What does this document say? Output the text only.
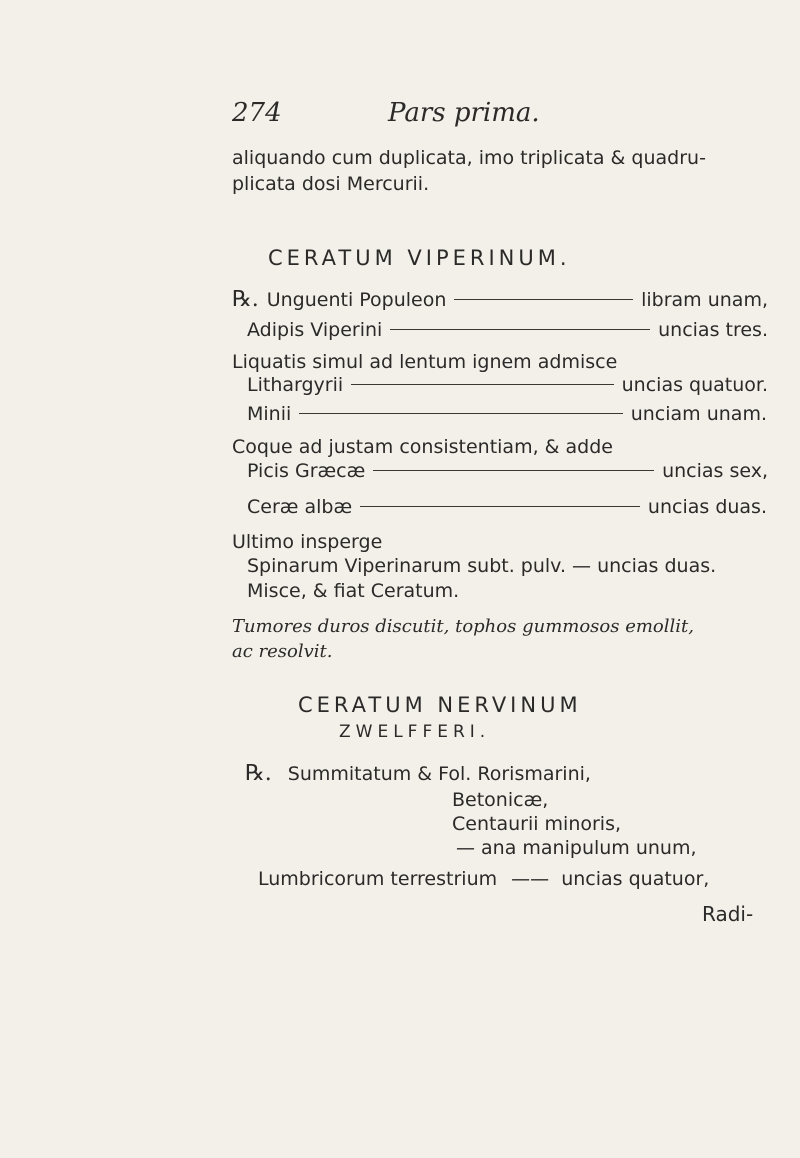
274	Pars prima.
aliquando cum duplicata, imo triplicata & quadru-
plicata dosi Mercurii.
CERATUM VIPERINUM.
℞. Unguenti Populeon	libram unam,
Adipis Viperini	uncias tres.
Liquatis simul ad lentum ignem admisce
Lithargyrii	uncias quatuor.
Minii	unciam unam.
Coque ad justam consistentiam, & adde
Picis Græcæ	uncias sex,
Ceræ albæ	uncias duas.
Ultimo insperge
Spinarum Viperinarum subt. pulv. — uncias duas.
Misce, & fiat Ceratum.
Tumores duros discutit, tophos gummosos emollit,
ac resolvit.
CERATUM NERVINUM
ZWELFFERI.
℞. Summitatum & Fol. Rorismarini,
Betonicæ,
Centaurii minoris,
— ana manipulum unum,
Lumbricorum terrestrium —— uncias quatuor,
Radi-
